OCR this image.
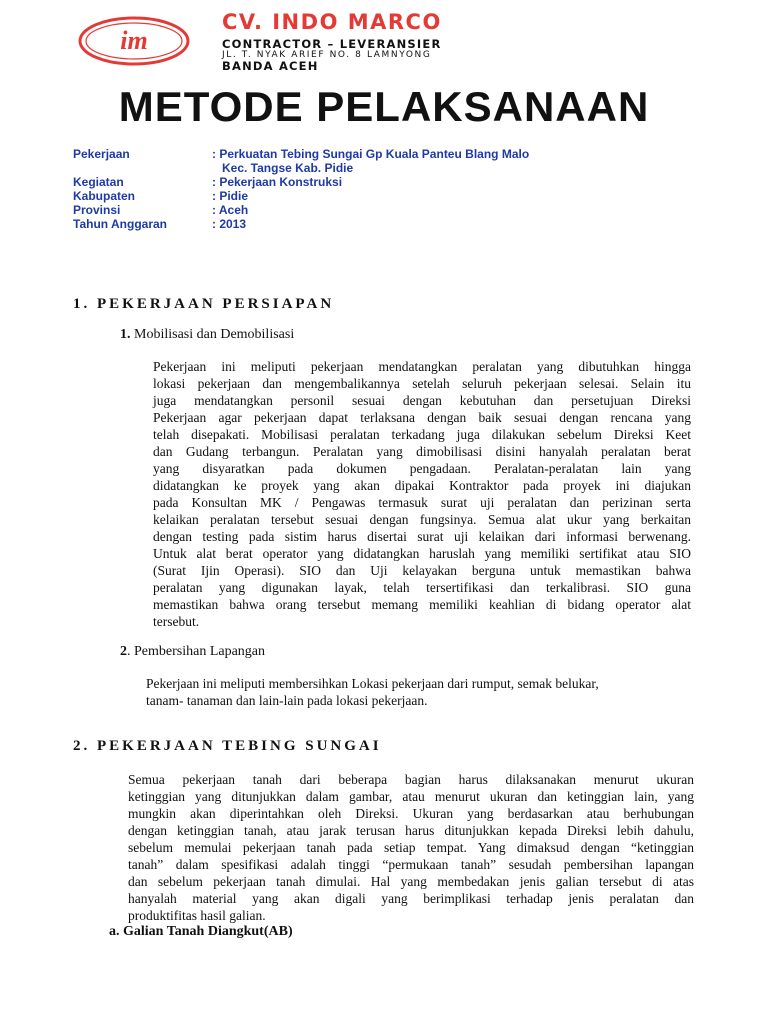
im
CV. INDO MARCO
CONTRACTOR – LEVERANSIER
JL. T. NYAK ARIEF NO. 8 LAMNYONG
BANDA ACEH
METODE PELAKSANAAN
Pekerjaan	: Perkuatan Tebing Sungai Gp Kuala Panteu Blang Malo
Kec. Tangse Kab. Pidie
Kegiatan	: Pekerjaan Konstruksi
Kabupaten	: Pidie
Provinsi	: Aceh
Tahun Anggaran	: 2013
1. PEKERJAAN PERSIAPAN
1. Mobilisasi dan Demobilisasi
Pekerjaan ini meliputi pekerjaan mendatangkan peralatan yang dibutuhkan hingga
lokasi pekerjaan dan mengembalikannya setelah seluruh pekerjaan selesai. Selain itu
juga mendatangkan personil sesuai dengan kebutuhan dan persetujuan Direksi
Pekerjaan agar pekerjaan dapat terlaksana dengan baik sesuai dengan rencana yang
telah disepakati. Mobilisasi peralatan terkadang juga dilakukan sebelum Direksi Keet
dan Gudang terbangun. Peralatan yang dimobilisasi disini hanyalah peralatan berat
yang disyaratkan pada dokumen pengadaan. Peralatan-peralatan lain yang
didatangkan ke proyek yang akan dipakai Kontraktor pada proyek ini diajukan
pada Konsultan MK / Pengawas termasuk surat uji peralatan dan perizinan serta
kelaikan peralatan tersebut sesuai dengan fungsinya. Semua alat ukur yang berkaitan
dengan testing pada sistim harus disertai surat uji kelaikan dari informasi berwenang.
Untuk alat berat operator yang didatangkan haruslah yang memiliki sertifikat atau SIO
(Surat Ijin Operasi). SIO dan Uji kelayakan berguna untuk memastikan bahwa
peralatan yang digunakan layak, telah tersertifikasi dan terkalibrasi. SIO guna
memastikan bahwa orang tersebut memang memiliki keahlian di bidang operator alat
tersebut.
2. Pembersihan Lapangan
Pekerjaan ini meliputi membersihkan Lokasi pekerjaan dari rumput, semak belukar,
tanam- tanaman dan lain-lain pada lokasi pekerjaan.
2. PEKERJAAN TEBING SUNGAI
Semua pekerjaan tanah dari beberapa bagian harus dilaksanakan menurut ukuran
ketinggian yang ditunjukkan dalam gambar, atau menurut ukuran dan ketinggian lain, yang
mungkin akan diperintahkan oleh Direksi. Ukuran yang berdasarkan atau berhubungan
dengan ketinggian tanah, atau jarak terusan harus ditunjukkan kepada Direksi lebih dahulu,
sebelum memulai pekerjaan tanah pada setiap tempat. Yang dimaksud dengan “ketinggian
tanah” dalam spesifikasi adalah tinggi “permukaan tanah” sesudah pembersihan lapangan
dan sebelum pekerjaan tanah dimulai. Hal yang membedakan jenis galian tersebut di atas
hanyalah material yang akan digali yang berimplikasi terhadap jenis peralatan dan
produktifitas hasil galian.
a. Galian Tanah Diangkut(AB)
